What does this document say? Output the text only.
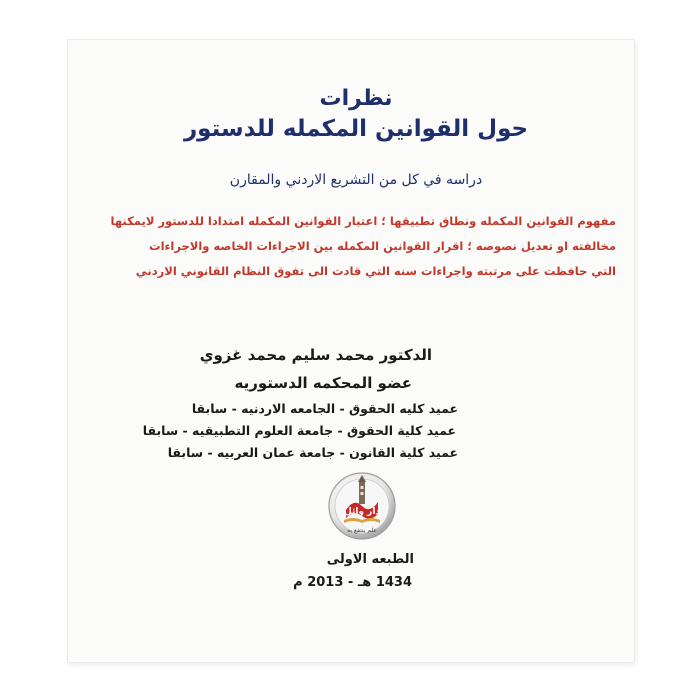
نظرات
حول القوانين المكمله للدستور
دراسه في كل من التشريع الاردني والمقارن
مفهوم القوانين المكمله ونطاق تطبيقها ؛ اعتبار القوانين المكمله امتدادا للدستور لايمكنها
مخالفته او تعديل نصوصه ؛ اقرار القوانين المكمله بين الاجراءات الخاصه والاجراءات
التي حافظت على مرتبته واجراءات سنه التي قادت الى تفوق النظام القانوني الاردني
الدكتور محمد سليم محمد غزوي
عضو المحكمه الدستوريه
عميد كليه الحقوق - الجامعه الاردنيه - سابقا
عميد كلية الحقوق - جامعة العلوم التطبيقيه - سابقا
عميد كلية القانون - جامعة عمان العربيه - سابقا
علم ينتفع به
دار وائل
الطبعه الاولى
1434 هـ - 2013 م
